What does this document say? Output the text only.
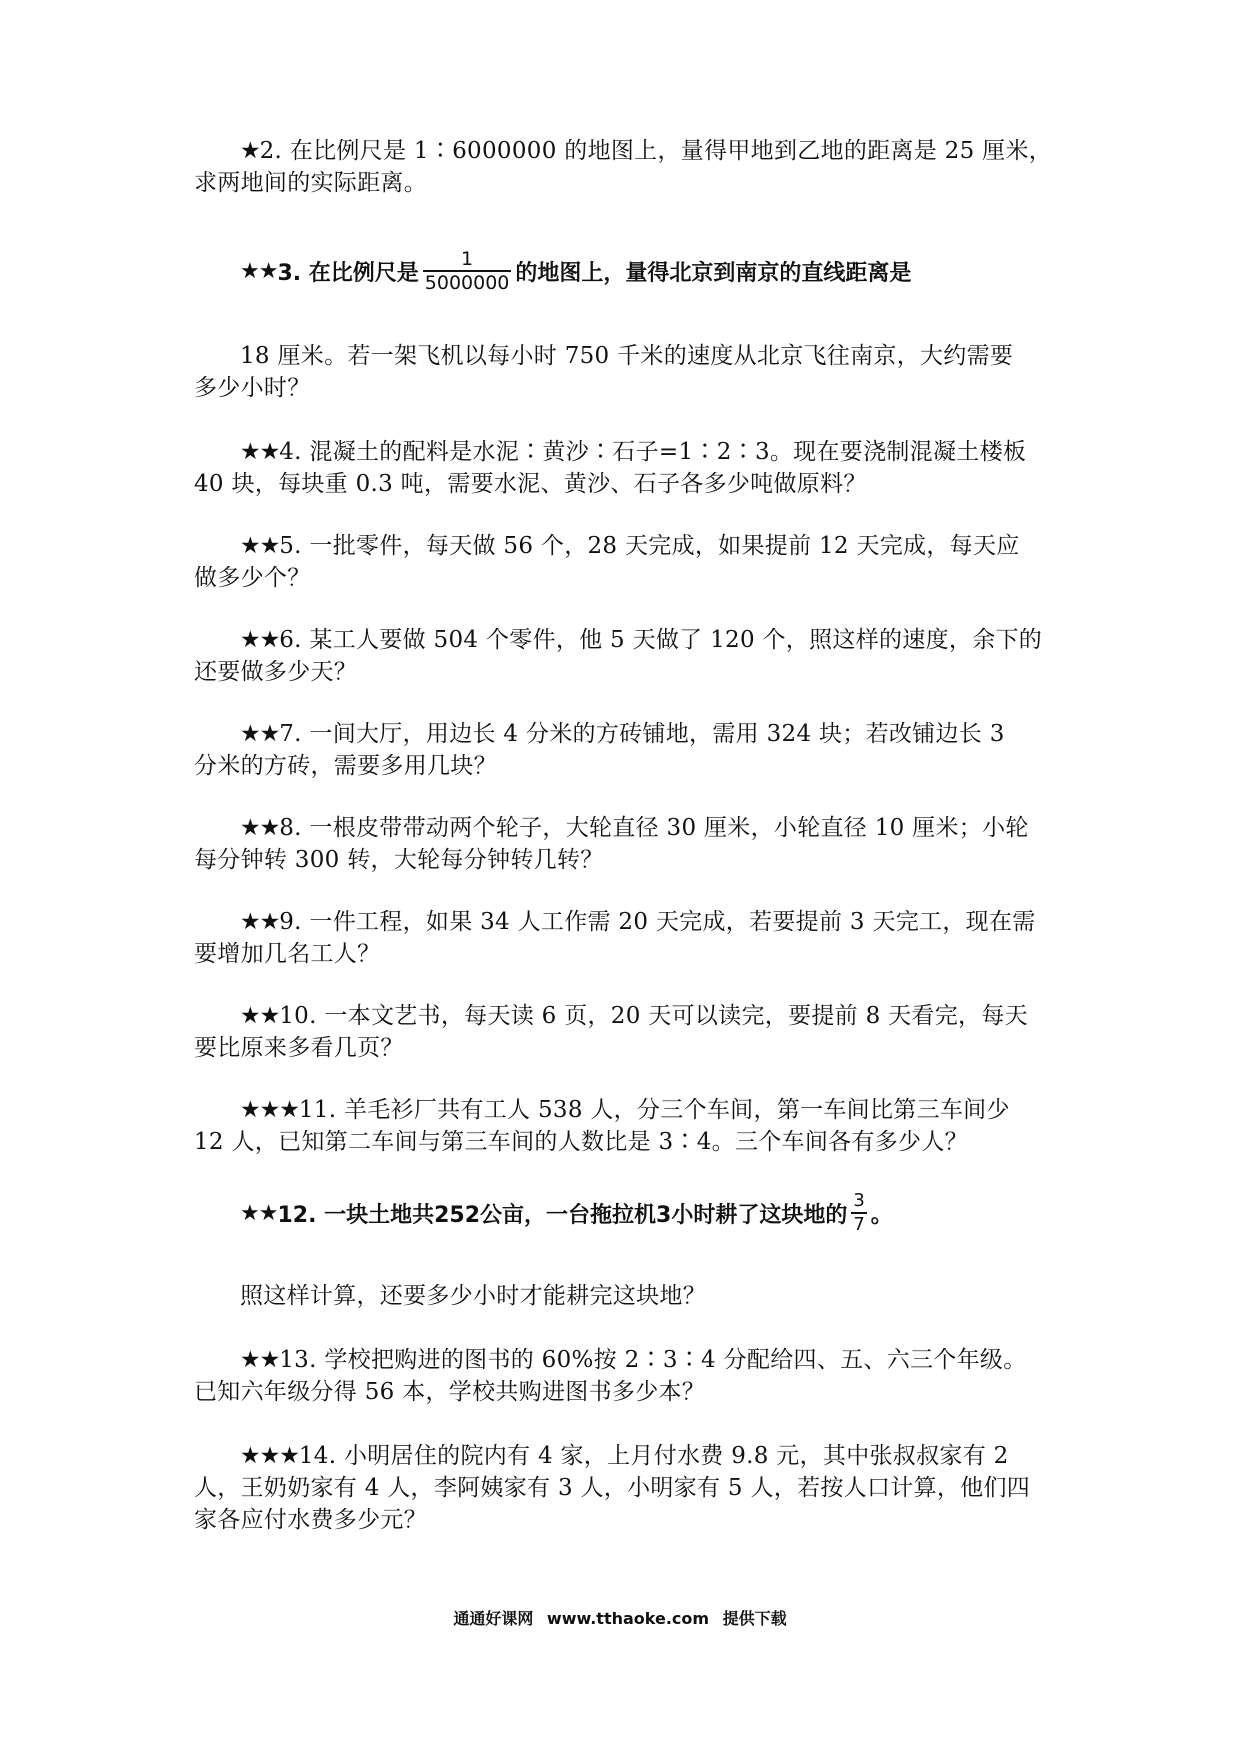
★2. 在比例尺是 1∶6000000 的地图上，量得甲地到乙地的距离是 25 厘米，
求两地间的实际距离。
★★ 3. 在比例尺是 $\frac{1}{5000000}$ 的地图上，量得北京到南京的直线距离是
18 厘米。若一架飞机以每小时 750 千米的速度从北京飞往南京，大约需要
多少小时？
★★4. 混凝土的配料是水泥∶黄沙∶石子=1∶2∶3。现在要浇制混凝土楼板
40 块，每块重 0.3 吨，需要水泥、黄沙、石子各多少吨做原料？
★★5. 一批零件，每天做 56 个，28 天完成，如果提前 12 天完成，每天应
做多少个？
★★6. 某工人要做 504 个零件，他 5 天做了 120 个，照这样的速度，余下的
还要做多少天？
★★7. 一间大厅，用边长 4 分米的方砖铺地，需用 324 块；若改铺边长 3
分米的方砖，需要多用几块？
★★8. 一根皮带带动两个轮子，大轮直径 30 厘米，小轮直径 10 厘米；小轮
每分钟转 300 转，大轮每分钟转几转？
★★9. 一件工程，如果 34 人工作需 20 天完成，若要提前 3 天完工，现在需
要增加几名工人？
★★10. 一本文艺书，每天读 6 页，20 天可以读完，要提前 8 天看完，每天
要比原来多看几页？
★★★11. 羊毛衫厂共有工人 538 人，分三个车间，第一车间比第三车间少
12 人，已知第二车间与第三车间的人数比是 3∶4。三个车间各有多少人？
★★ 12. 一块土地共252公亩，一台拖拉机3小时耕了这块地的 $\frac{3}{7}$ 。
照这样计算，还要多少小时才能耕完这块地？
★★13. 学校把购进的图书的 60%按 2∶3∶4 分配给四、五、六三个年级。
已知六年级分得 56 本，学校共购进图书多少本？
★★★14. 小明居住的院内有 4 家，上月付水费 9.8 元，其中张叔叔家有 2
人，王奶奶家有 4 人，李阿姨家有 3 人，小明家有 5 人，若按人口计算，他们四
家各应付水费多少元？
通通好课网 www.tthaoke.com 提供下载
